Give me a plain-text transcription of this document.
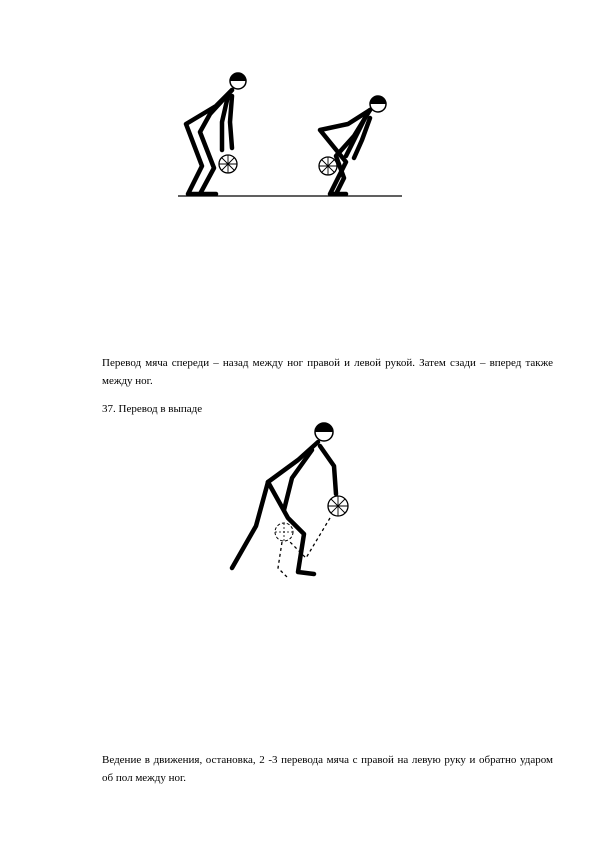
Перевод мяча спереди – назад между ног правой и левой рукой. Затем сзади – вперед также между ног.
37. Перевод в выпаде
Ведение в движения, остановка, 2 -3 перевода мяча с правой на левую руку и обратно ударом об пол между ног.
